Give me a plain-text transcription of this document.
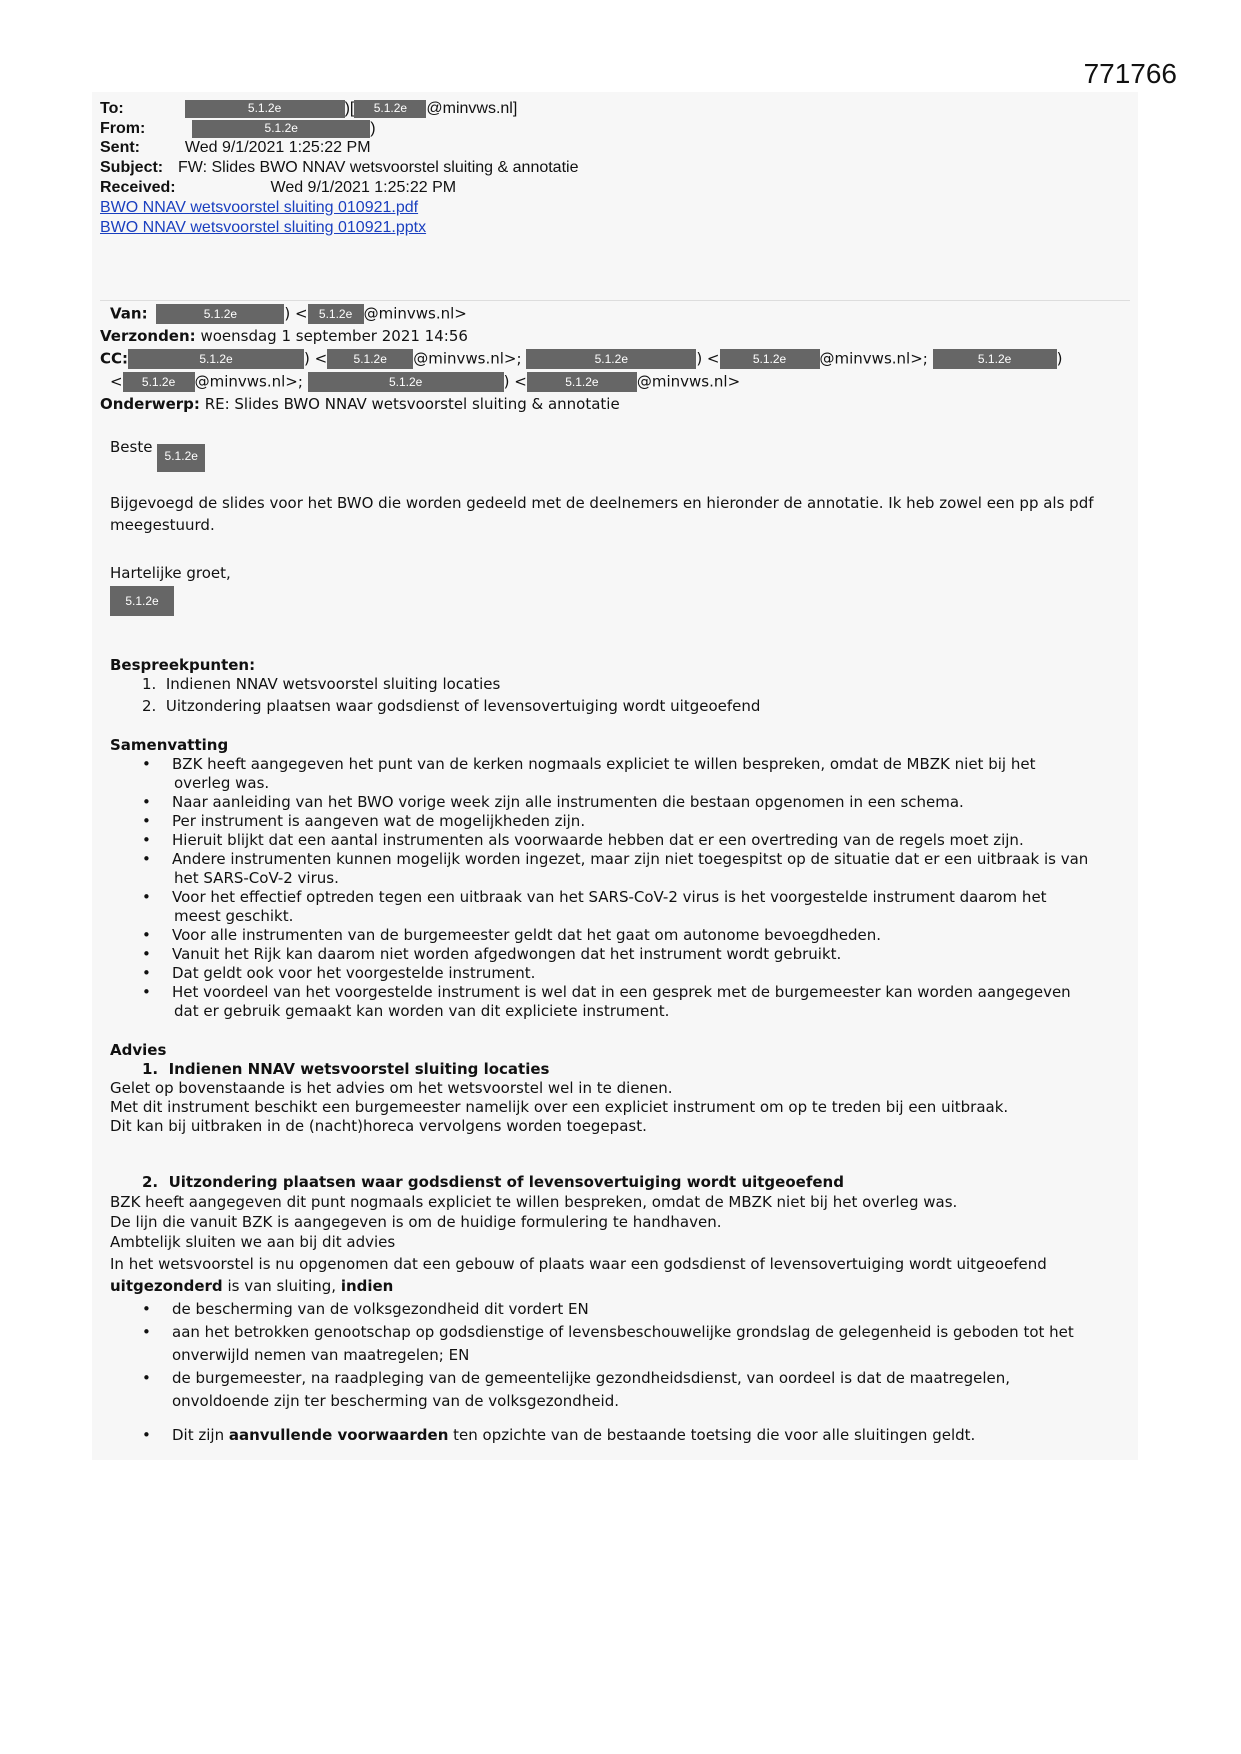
771766
To:	5.1.2e	)[ 5.1.2e @minvws.nl]
From:	5.1.2e	)
Sent:	Wed 9/1/2021 1:25:22 PM
Subject: FW: Slides BWO NNAV wetsvoorstel sluiting & annotatie
Received:	Wed 9/1/2021 1:25:22 PM
BWO NNAV wetsvoorstel sluiting 010921.pdf
BWO NNAV wetsvoorstel sluiting 010921.pptx
Van:	5.1.2e	) < 5.1.2e @minvws.nl>
Verzonden: woensdag 1 september 2021 14:56
CC:	5.1.2e	) < 5.1.2e @minvws.nl>;	5.1.2e	) <	5.1.2e @minvws.nl>;	5.1.2e	)
< 5.1.2e @minvws.nl>;	5.1.2e	) <	5.1.2e	@minvws.nl>
Onderwerp: RE: Slides BWO NNAV wetsvoorstel sluiting & annotatie
Beste 5.1.2e
Bijgevoegd de slides voor het BWO die worden gedeeld met de deelnemers en hieronder de annotatie. Ik heb zowel een pp als pdf
meegestuurd.
Hartelijke groet,
5.1.2e
Bespreekpunten:
1.  Indienen NNAV wetsvoorstel sluiting locaties
2.  Uitzondering plaatsen waar godsdienst of levensovertuiging wordt uitgeoefend
Samenvatting
• BZK heeft aangegeven het punt van de kerken nogmaals expliciet te willen bespreken, omdat de MBZK niet bij het
overleg was.
• Naar aanleiding van het BWO vorige week zijn alle instrumenten die bestaan opgenomen in een schema.
• Per instrument is aangeven wat de mogelijkheden zijn.
• Hieruit blijkt dat een aantal instrumenten als voorwaarde hebben dat er een overtreding van de regels moet zijn.
• Andere instrumenten kunnen mogelijk worden ingezet, maar zijn niet toegespitst op de situatie dat er een uitbraak is van
het SARS-CoV-2 virus.
• Voor het effectief optreden tegen een uitbraak van het SARS-CoV-2 virus is het voorgestelde instrument daarom het
meest geschikt.
• Voor alle instrumenten van de burgemeester geldt dat het gaat om autonome bevoegdheden.
• Vanuit het Rijk kan daarom niet worden afgedwongen dat het instrument wordt gebruikt.
• Dat geldt ook voor het voorgestelde instrument.
• Het voordeel van het voorgestelde instrument is wel dat in een gesprek met de burgemeester kan worden aangegeven
dat er gebruik gemaakt kan worden van dit expliciete instrument.
Advies
1. Indienen NNAV wetsvoorstel sluiting locaties
Gelet op bovenstaande is het advies om het wetsvoorstel wel in te dienen.
Met dit instrument beschikt een burgemeester namelijk over een expliciet instrument om op te treden bij een uitbraak.
Dit kan bij uitbraken in de (nacht)horeca vervolgens worden toegepast.
2. Uitzondering plaatsen waar godsdienst of levensovertuiging wordt uitgeoefend
BZK heeft aangegeven dit punt nogmaals expliciet te willen bespreken, omdat de MBZK niet bij het overleg was.
De lijn die vanuit BZK is aangegeven is om de huidige formulering te handhaven.
Ambtelijk sluiten we aan bij dit advies
In het wetsvoorstel is nu opgenomen dat een gebouw of plaats waar een godsdienst of levensovertuiging wordt uitgeoefend
uitgezonderd is van sluiting, indien
• de bescherming van de volksgezondheid dit vordert EN
• aan het betrokken genootschap op godsdienstige of levensbeschouwelijke grondslag de gelegenheid is geboden tot het
onverwijld nemen van maatregelen; EN
• de burgemeester, na raadpleging van de gemeentelijke gezondheidsdienst, van oordeel is dat de maatregelen,
onvoldoende zijn ter bescherming van de volksgezondheid.
Dit zijn aanvullende voorwaarden ten opzichte van de bestaande toetsing die voor alle sluitingen geldt.
•
